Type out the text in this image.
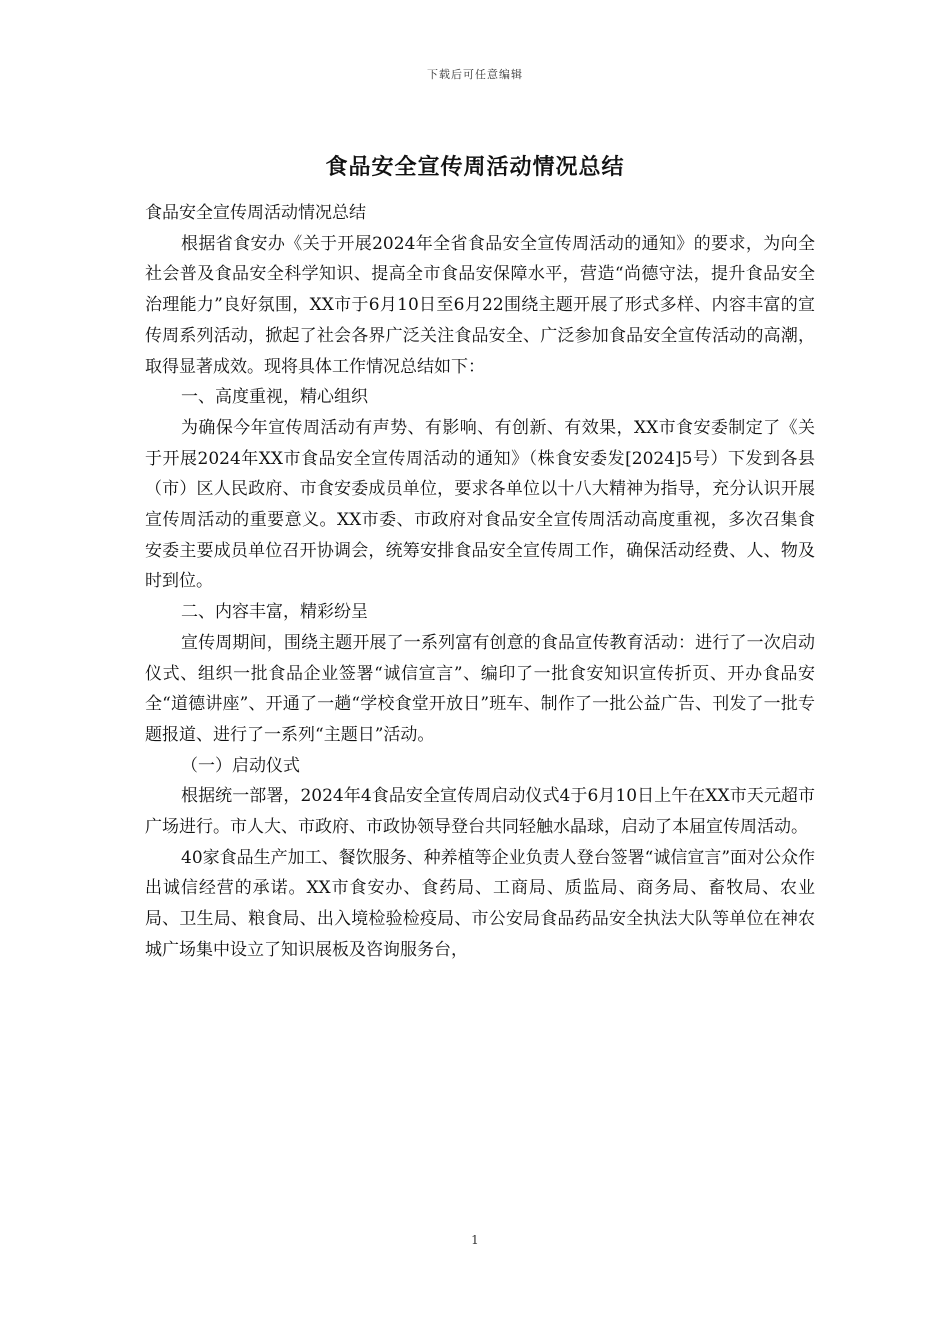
下载后可任意编辑
食品安全宣传周活动情况总结

食品安全宣传周活动情况总结

根据省食安办《关于开展2024年全省食品安全宣传周活动的通知》的要求，为向全社会普及食品安全科学知识、提高全市食品安保障水平，营造“尚德守法，提升食品安全治理能力”良好氛围，XX市于6月10日至6月22围绕主题开展了形式多样、内容丰富的宣传周系列活动，掀起了社会各界广泛关注食品安全、广泛参加食品安全宣传活动的高潮，取得显著成效。现将具体工作情况总结如下：

一、高度重视，精心组织

为确保今年宣传周活动有声势、有影响、有创新、有效果，XX市食安委制定了《关于开展2024年XX市食品安全宣传周活动的通知》（株食安委发[2024]5号）下发到各县（市）区人民政府、市食安委成员单位，要求各单位以十八大精神为指导，充分认识开展宣传周活动的重要意义。XX市委、市政府对食品安全宣传周活动高度重视，多次召集食安委主要成员单位召开协调会，统筹安排食品安全宣传周工作，确保活动经费、人、物及时到位。

二、内容丰富，精彩纷呈

宣传周期间，围绕主题开展了一系列富有创意的食品宣传教育活动：进行了一次启动仪式、组织一批食品企业签署“诚信宣言”、编印了一批食安知识宣传折页、开办食品安全“道德讲座”、开通了一趟“学校食堂开放日”班车、制作了一批公益广告、刊发了一批专题报道、进行了一系列“主题日”活动。

（一）启动仪式

根据统一部署，2024年4食品安全宣传周启动仪式4于6月10日上午在XX市天元超市广场进行。市人大、市政府、市政协领导登台共同轻触水晶球，启动了本届宣传周活动。

40家食品生产加工、餐饮服务、种养植等企业负责人登台签署“诚信宣言”面对公众作出诚信经营的承诺。XX市食安办、食药局、工商局、质监局、商务局、畜牧局、农业局、卫生局、粮食局、出入境检验检疫局、市公安局食品药品安全执法大队等单位在神农城广场集中设立了知识展板及咨询服务台，

1
